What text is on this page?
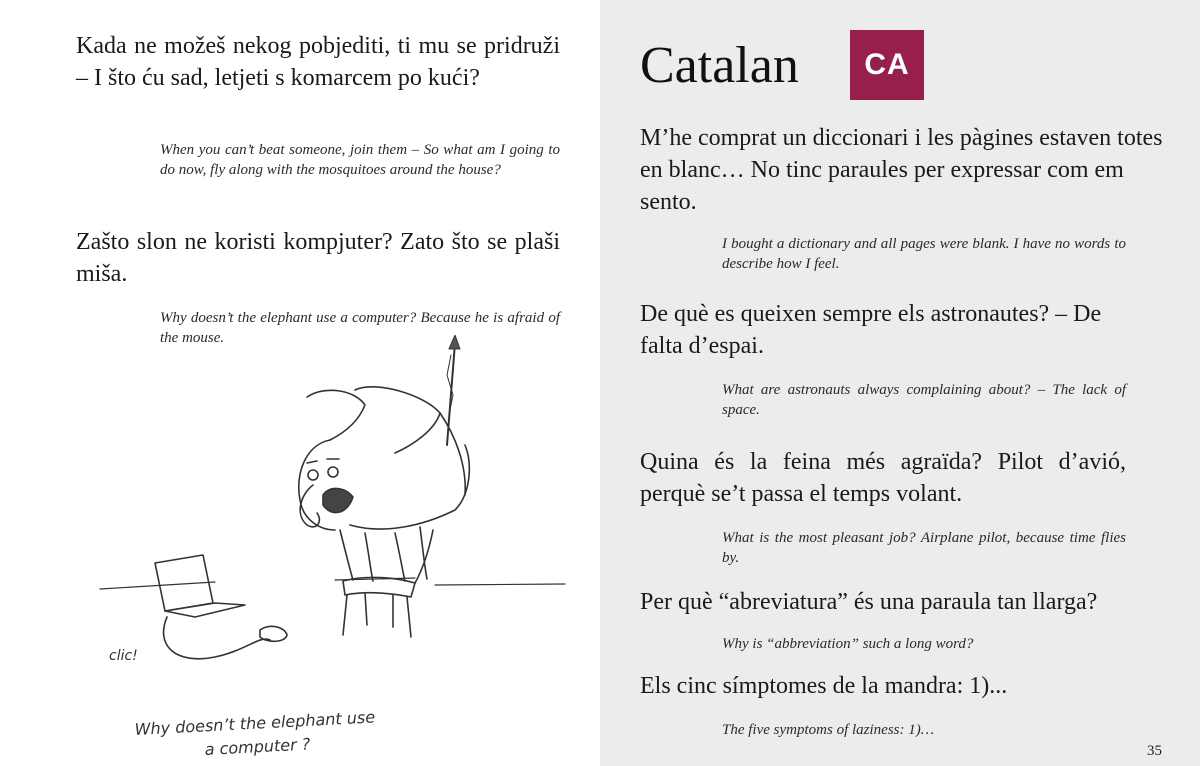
Kada ne možeš nekog pobjediti, ti mu se pridruži – I što ću sad, letjeti s komarcem po kući?

When you can’t beat someone, join them – So what am I going to do now, fly along with the mosquitoes around the house?

Zašto slon ne koristi kompjuter? Zato što se plaši miša.

Why doesn’t the elephant use a computer? Because he is afraid of the mouse.

clic!
Why doesn’t the elephant use
a computer ?
Catalan	CA

M’he comprat un diccionari i les pàgines estaven totes en blanc… No tinc paraules per expressar com em sento.

I bought a dictionary and all pages were blank. I have no words to describe how I feel.

De què es queixen sempre els astronautes? – De falta d’espai.

What are astronauts always complaining about? – The lack of space.

Quina és la feina més agraïda? Pilot d’avió, perquè se’t passa el temps volant.

What is the most pleasant job? Airplane pilot, because time flies by.

Per què “abreviatura” és una paraula tan llarga?

Why is “abbreviation” such a long word?

Els cinc símptomes de la mandra: 1)...

The five symptoms of laziness: 1)…

35
